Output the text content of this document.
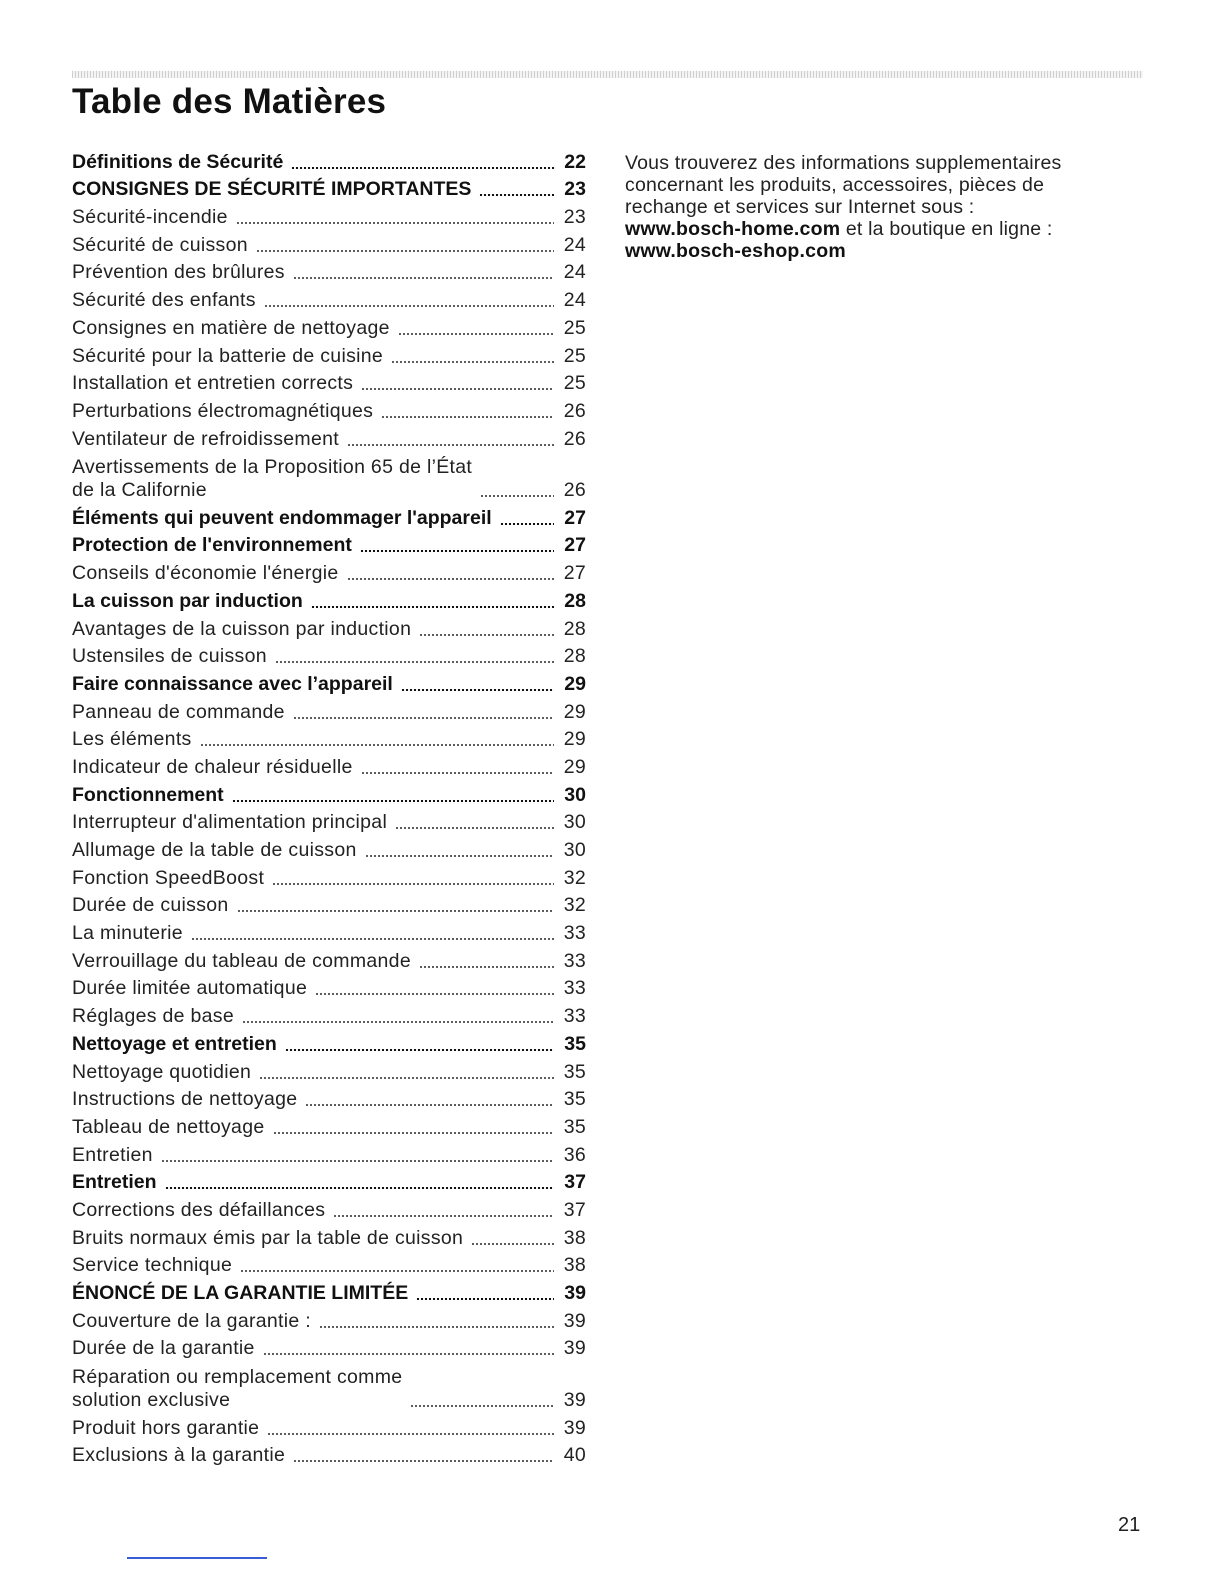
Table des Matières
Définitions de Sécurité	22
CONSIGNES DE SÉCURITÉ IMPORTANTES	23
Sécurité-incendie	23
Sécurité de cuisson	24
Prévention des brûlures	24
Sécurité des enfants	24
Consignes en matière de nettoyage	25
Sécurité pour la batterie de cuisine	25
Installation et entretien corrects	25
Perturbations électromagnétiques	26
Ventilateur de refroidissement	26
Avertissements de la Proposition 65 de l’État
de la Californie	26
Éléments qui peuvent endommager l'appareil	27
Protection de l'environnement	27
Conseils d'économie l'énergie	27
La cuisson par induction	28
Avantages de la cuisson par induction	28
Ustensiles de cuisson	28
Faire connaissance avec l’appareil	29
Panneau de commande	29
Les éléments	29
Indicateur de chaleur résiduelle	29
Fonctionnement	30
Interrupteur d'alimentation principal	30
Allumage de la table de cuisson	30
Fonction SpeedBoost	32
Durée de cuisson	32
La minuterie	33
Verrouillage du tableau de commande	33
Durée limitée automatique	33
Réglages de base	33
Nettoyage et entretien	35
Nettoyage quotidien	35
Instructions de nettoyage	35
Tableau de nettoyage	35
Entretien	36
Entretien	37
Corrections des défaillances	37
Bruits normaux émis par la table de cuisson	38
Service technique	38
ÉNONCÉ DE LA GARANTIE LIMITÉE	39
Couverture de la garantie :	39
Durée de la garantie	39
Réparation ou remplacement comme
solution exclusive	39
Produit hors garantie	39
Exclusions à la garantie	40
Vous trouverez des informations supplementaires concernant les produits, accessoires, pièces de rechange et services sur Internet sous : www.bosch-home.com et la boutique en ligne : www.bosch-eshop.com
21
